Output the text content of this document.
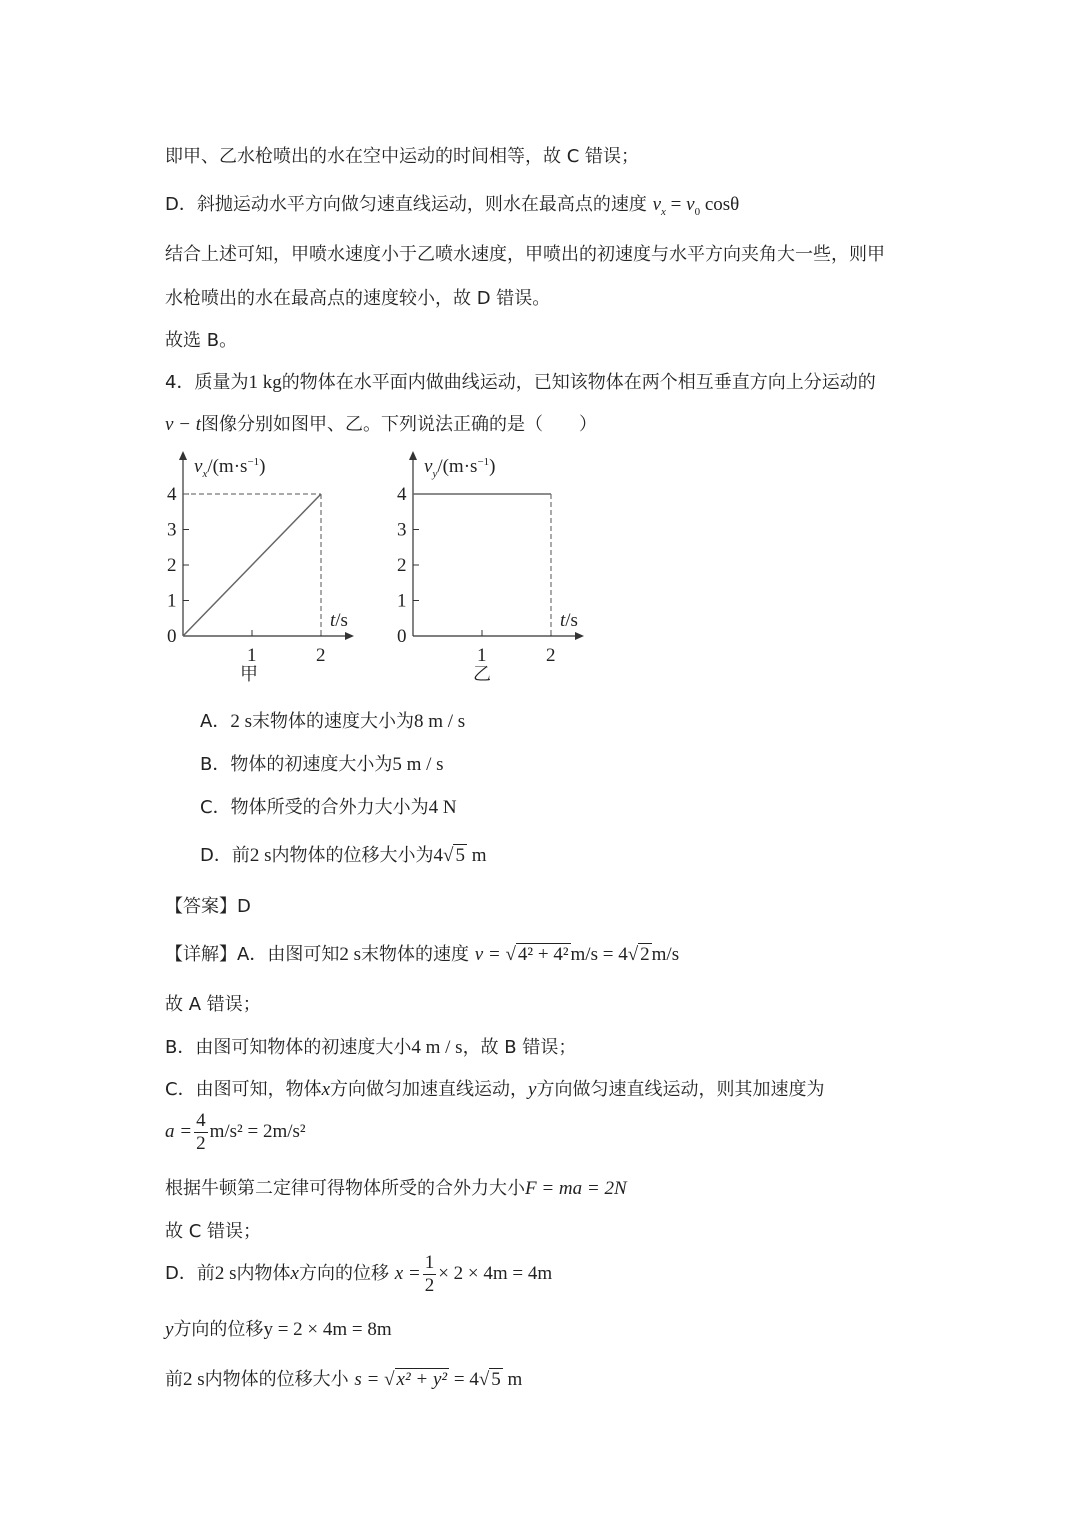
即甲、乙水枪喷出的水在空中运动的时间相等，故 C 错误；
D．斜抛运动水平方向做匀速直线运动，则水在最高点的速度 $v_x = v_0$ cosθ
结合上述可知，甲喷水速度小于乙喷水速度，甲喷出的初速度与水平方向夹角大一些，则甲
水枪喷出的水在最高点的速度较小，故 D 错误。
故选 B。
4．质量为1 kg的物体在水平面内做曲线运动，已知该物体在两个相互垂直方向上分运动的
v − t图像分别如图甲、乙。下列说法正确的是（　　）
0
1
2
3
4
1	2
$v_x/(m\cdot s^{-1})$
t/s
甲
0
1
2
3
4
1	2
$v_y/(m\cdot s^{-1})$
t/s
乙
A．2 s末物体的速度大小为8 m / s
B．物体的初速度大小为5 m / s
C．物体所受的合外力大小为4 N
D．前2 s内物体的位移大小为4√ 5 m
【答案】D
【详解】A．由图可知2 s末物体的速度 v = √ 4² + 4² m/s = 4√ 2 m/s
故 A 错误；
B．由图可知物体的初速度大小4 m / s，故 B 错误；
C．由图可知，物体x方向做匀加速直线运动，y方向做匀速直线运动，则其加速度为
$a = \frac{4}{2} m/s^2 = 2m/s^2$
根据牛顿第二定律可得物体所受的合外力大小F = ma = 2N
故 C 错误；
D．前2 s内物体x方向的位移 $x = \frac{1}{2} \times 2 \times 4m = 4m$
y方向的位移y = 2 × 4m = 8m
前2 s内物体的位移大小 s = √ x² + y² = 4√ 5 m
